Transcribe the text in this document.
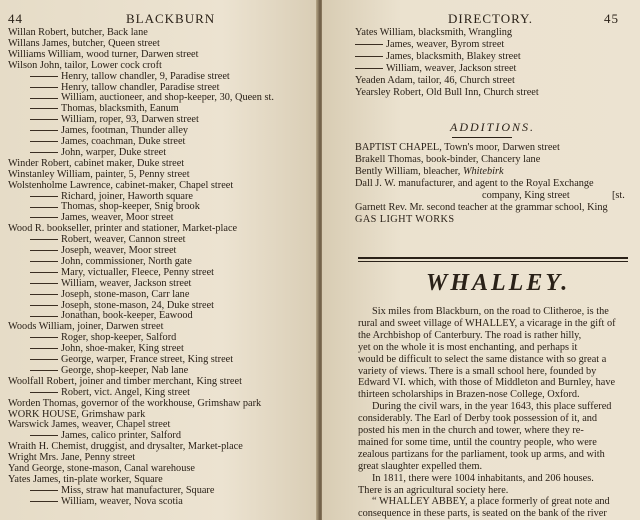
44	BLACKBURN
Willan Robert, butcher, Back lane
Willans James, butcher, Queen street
Williams William, wood turner, Darwen street
Wilson John, tailor, Lower cock croft
Henry, tallow chandler, 9, Paradise street
Henry, tallow chandler, Paradise street
William, auctioneer, and shop-keeper, 30, Queen st.
Thomas, blacksmith, Eanum
William, roper, 93, Darwen street
James, footman, Thunder alley
James, coachman, Duke street
John, warper, Duke street
Winder Robert, cabinet maker, Duke street
Winstanley William, painter, 5, Penny street
Wolstenholme Lawrence, cabinet-maker, Chapel street
Richard, joiner, Haworth square
Thomas, shop-keeper, Snig brook
James, weaver, Moor street
Wood R. bookseller, printer and stationer, Market-place
Robert, weaver, Cannon street
Joseph, weaver, Moor street
John, commissioner, North gate
Mary, victualler, Fleece, Penny street
William, weaver, Jackson street
Joseph, stone-mason, Carr lane
Joseph, stone-mason, 24, Duke street
Jonathan, book-keeper, Eawood
Woods William, joiner, Darwen street
Roger, shop-keeper, Salford
John, shoe-maker, King street
George, warper, France street, King street
George, shop-keeper, Nab lane
Woolfall Robert, joiner and timber merchant, King street
Robert, vict. Angel, King street
Worden Thomas, governor of the workhouse, Grimshaw park
WORK HOUSE, Grimshaw park
Warswick James, weaver, Chapel street
James, calico printer, Salford
Wraith H. Chemist, druggist, and drysalter, Market-place
Wright Mrs. Jane, Penny street
Yand George, stone-mason, Canal warehouse
Yates James, tin-plate worker, Square
Miss, straw hat manufacturer, Square
William, weaver, Nova scotia
DIRECTORY.	45
Yates William, blacksmith, Wrangling
James, weaver, Byrom street
James, blacksmith, Blakey street
William, weaver, Jackson street
Yeaden Adam, tailor, 46, Church street
Yearsley Robert, Old Bull Inn, Church street
ADDITIONS.
BAPTIST CHAPEL, Town's moor, Darwen street
Brakell Thomas, book-binder, Chancery lane
Bently William, bleacher, Whitebirk
Dall J. W. manufacturer, and agent to the Royal Exchange
company, King street	[st.
Garnett Rev. Mr. second teacher at the grammar school, King
GAS LIGHT WORKS
WHALLEY.
Six miles from Blackburn, on the road to Clitheroe, is the
rural and sweet village of WHALLEY, a vicarage in the gift of
the Archbishop of Canterbury. The road is rather hilly,
yet on the whole it is most enchanting, and perhaps it
would be difficult to select the same distance with so great a
variety of views. There is a small school here, founded by
Edward VI. which, with those of Middleton and Burnley, have
thirteen scholarships in Brazen-nose College, Oxford.
During the civil wars, in the year 1643, this place suffered
considerably. The Earl of Derby took possession of it, and
posted his men in the church and tower, where they re-
mained for some time, until the country people, who were
zealous partizans for the parliament, took up arms, and with
great slaughter expelled them.
In 1811, there were 1004 inhabitants, and 206 houses.
There is an agricultural society here.
“ WHALLEY ABBEY, a place formerly of great note and
consequence in these parts, is seated on the bank of the river
